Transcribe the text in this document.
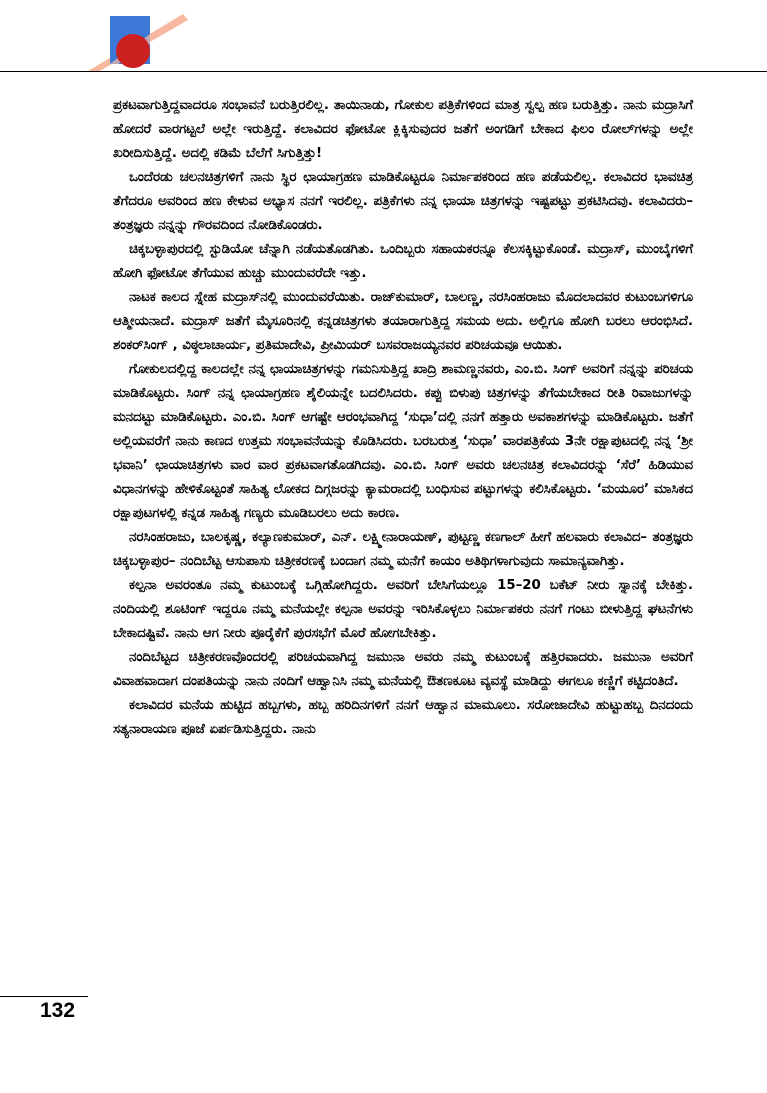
ಪ್ರಕಟವಾಗುತ್ತಿದ್ದವಾದರೂ ಸಂಭಾವನೆ ಬರುತ್ತಿರಲಿಲ್ಲ. ತಾಯಿನಾಡು, ಗೋಕುಲ ಪತ್ರಿಕೆಗಳಿಂದ ಮಾತ್ರ ಸ್ವಲ್ಪ ಹಣ ಬರುತ್ತಿತ್ತು. ನಾನು ಮದ್ರಾಸಿಗೆ ಹೋದರೆ ವಾರಗಟ್ಟಲೆ ಅಲ್ಲೇ ಇರುತ್ತಿದ್ದೆ. ಕಲಾವಿದರ ಫೋಟೋ ಕ್ಲಿಕ್ಕಿಸುವುದರ ಜತೆಗೆ ಅಂಗಡಿಗೆ ಬೇಕಾದ ಫಿಲಂ ರೋಲ್‌ಗಳನ್ನು ಅಲ್ಲೇ ಖರೀದಿಸುತ್ತಿದ್ದೆ. ಅದಲ್ಲಿ ಕಡಿಮೆ ಬೆಲೆಗೆ ಸಿಗುತ್ತಿತ್ತು!

ಒಂದೆರಡು ಚಲನಚಿತ್ರಗಳಿಗೆ ನಾನು ಸ್ಥಿರ ಛಾಯಾಗ್ರಹಣ ಮಾಡಿಕೊಟ್ಟರೂ ನಿರ್ಮಾಪಕರಿಂದ ಹಣ ಪಡೆಯಲಿಲ್ಲ. ಕಲಾವಿದರ ಭಾವಚಿತ್ರ ತೆಗೆದರೂ ಅವರಿಂದ ಹಣ ಕೇಳುವ ಅಭ್ಯಾಸ ನನಗೆ ಇರಲಿಲ್ಲ. ಪತ್ರಿಕೆಗಳು ನನ್ನ ಛಾಯಾ ಚಿತ್ರಗಳನ್ನು ಇಷ್ಟಪಟ್ಟು ಪ್ರಕಟಿಸಿದವು. ಕಲಾವಿದರು– ತಂತ್ರಜ್ಞರು ನನ್ನನ್ನು ಗೌರವದಿಂದ ನೋಡಿಕೊಂಡರು.

ಚಿಕ್ಕಬಳ್ಳಾಪುರದಲ್ಲಿ ಸ್ಟುಡಿಯೋ ಚೆನ್ನಾಗಿ ನಡೆಯತೊಡಗಿತು. ಒಂದಿಬ್ಬರು ಸಹಾಯಕರನ್ನೂ ಕೆಲಸಕ್ಕಿಟ್ಟುಕೊಂಡೆ. ಮದ್ರಾಸ್, ಮುಂಬೈಗಳಿಗೆ ಹೋಗಿ ಫೋಟೋ ತೆಗೆಯುವ ಹುಚ್ಚು ಮುಂದುವರೆದೇ ಇತ್ತು.

ನಾಟಕ ಕಾಲದ ಸ್ನೇಹ ಮದ್ರಾಸ್‌ನಲ್ಲಿ ಮುಂದುವರೆಯಿತು. ರಾಜ್‌ಕುಮಾರ್, ಬಾಲಣ್ಣ, ನರಸಿಂಹರಾಜು ಮೊದಲಾದವರ ಕುಟುಂಬಗಳಿಗೂ ಆತ್ಮೀಯನಾದೆ. ಮದ್ರಾಸ್ ಜತೆಗೆ ಮೈಸೂರಿನಲ್ಲಿ ಕನ್ನಡಚಿತ್ರಗಳು ತಯಾರಾಗುತ್ತಿದ್ದ ಸಮಯ ಅದು. ಅಲ್ಲಿಗೂ ಹೋಗಿ ಬರಲು ಆರಂಭಿಸಿದೆ. ಶಂಕರ್‌ಸಿಂಗ್ , ವಿಠ್ಠಲಾಚಾರ್ಯ, ಪ್ರತಿಮಾದೇವಿ, ಪ್ರೀಮಿಯರ್ ಬಸವರಾಜಯ್ಯನವರ ಪರಿಚಯವೂ ಆಯಿತು.

ಗೋಕುಲದಲ್ಲಿದ್ದ ಕಾಲದಲ್ಲೇ ನನ್ನ ಛಾಯಾಚಿತ್ರಗಳನ್ನು ಗಮನಿಸುತ್ತಿದ್ದ ಖಾದ್ರಿ ಶಾಮಣ್ಣನವರು, ಎಂ.ಬಿ. ಸಿಂಗ್ ಅವರಿಗೆ ನನ್ನನ್ನು ಪರಿಚಯ ಮಾಡಿಕೊಟ್ಟರು. ಸಿಂಗ್ ನನ್ನ ಛಾಯಾಗ್ರಹಣ ಶೈಲಿಯನ್ನೇ ಬದಲಿಸಿದರು. ಕಪ್ಪು ಬಿಳುಪು ಚಿತ್ರಗಳನ್ನು ತೆಗೆಯಬೇಕಾದ ರೀತಿ ರಿವಾಜುಗಳನ್ನು ಮನದಟ್ಟು ಮಾಡಿಕೊಟ್ಟರು. ಎಂ.ಬಿ. ಸಿಂಗ್ ಆಗಷ್ಟೇ ಆರಂಭವಾಗಿದ್ದ ‘ಸುಧಾ’ದಲ್ಲಿ ನನಗೆ ಹತ್ತಾರು ಅವಕಾಶಗಳನ್ನು ಮಾಡಿಕೊಟ್ಟರು. ಜತೆಗೆ ಅಲ್ಲಿಯವರೆಗೆ ನಾನು ಕಾಣದ ಉತ್ತಮ ಸಂಭಾವನೆಯನ್ನು ಕೊಡಿಸಿದರು. ಬರಬರುತ್ತ ‘ಸುಧಾ’ ವಾರಪತ್ರಿಕೆಯ 3ನೇ ರಕ್ಷಾಪುಟದಲ್ಲಿ ನನ್ನ ‘ಶ್ರೀ ಭವಾನಿ’ ಛಾಯಾಚಿತ್ರಗಳು ವಾರ ವಾರ ಪ್ರಕಟವಾಗತೊಡಗಿದವು. ಎಂ.ಬಿ. ಸಿಂಗ್ ಅವರು ಚಲನಚಿತ್ರ ಕಲಾವಿದರನ್ನು ‘ಸೆರೆ’ ಹಿಡಿಯುವ ವಿಧಾನಗಳನ್ನು ಹೇಳಿಕೊಟ್ಟಂತೆ ಸಾಹಿತ್ಯ ಲೋಕದ ದಿಗ್ಗಜರನ್ನು ಕ್ಯಾಮರಾದಲ್ಲಿ ಬಂಧಿಸುವ ಪಟ್ಟುಗಳನ್ನು ಕಲಿಸಿಕೊಟ್ಟರು. ‘ಮಯೂರ’ ಮಾಸಿಕದ ರಕ್ಷಾಪುಟಗಳಲ್ಲಿ ಕನ್ನಡ ಸಾಹಿತ್ಯ ಗಣ್ಯರು ಮೂಡಿಬರಲು ಅದು ಕಾರಣ.

ನರಸಿಂಹರಾಜು, ಬಾಲಕೃಷ್ಣ, ಕಲ್ಯಾಣಕುಮಾರ್, ಎನ್. ಲಕ್ಷ್ಮೀನಾರಾಯಣ್, ಪುಟ್ಟಣ್ಣ ಕಣಗಾಲ್ ಹೀಗೆ ಹಲವಾರು ಕಲಾವಿದ– ತಂತ್ರಜ್ಞರು ಚಿಕ್ಕಬಳ್ಳಾಪುರ– ನಂದಿಬೆಟ್ಟ ಆಸುಪಾಸು ಚಿತ್ರೀಕರಣಕ್ಕೆ ಬಂದಾಗ ನಮ್ಮ ಮನೆಗೆ ಕಾಯಂ ಅತಿಥಿಗಳಾಗುವುದು ಸಾಮಾನ್ಯವಾಗಿತ್ತು.

ಕಲ್ಪನಾ ಅವರಂತೂ ನಮ್ಮ ಕುಟುಂಬಕ್ಕೆ ಒಗ್ಗಿಹೋಗಿದ್ದರು. ಅವರಿಗೆ ಬೇಸಿಗೆಯಲ್ಲೂ 15–20 ಬಕೆಟ್ ನೀರು ಸ್ನಾನಕ್ಕೆ ಬೇಕಿತ್ತು. ನಂದಿಯಲ್ಲಿ ಶೂಟಿಂಗ್ ಇದ್ದರೂ ನಮ್ಮ ಮನೆಯಲ್ಲೇ ಕಲ್ಪನಾ ಅವರನ್ನು ಇರಿಸಿಕೊಳ್ಳಲು ನಿರ್ಮಾಪಕರು ನನಗೆ ಗಂಟು ಬೀಳುತ್ತಿದ್ದ ಘಟನೆಗಳು ಬೇಕಾದಷ್ಟಿವೆ. ನಾನು ಆಗ ನೀರು ಪೂರೈಕೆಗೆ ಪುರಸಭೆಗೆ ಮೊರೆ ಹೋಗಬೇಕಿತ್ತು.

ನಂದಿಬೆಟ್ಟದ ಚಿತ್ರೀಕರಣವೊಂದರಲ್ಲಿ ಪರಿಚಯವಾಗಿದ್ದ ಜಮುನಾ ಅವರು ನಮ್ಮ ಕುಟುಂಬಕ್ಕೆ ಹತ್ತಿರವಾದರು. ಜಮುನಾ ಅವರಿಗೆ ವಿವಾಹವಾದಾಗ ದಂಪತಿಯನ್ನು ನಾನು ನಂದಿಗೆ ಆಹ್ವಾನಿಸಿ ನಮ್ಮ ಮನೆಯಲ್ಲಿ ಔತಣಕೂಟ ವ್ಯವಸ್ಥೆ ಮಾಡಿದ್ದು ಈಗಲೂ ಕಣ್ಣಿಗೆ ಕಟ್ಟಿದಂತಿದೆ.

ಕಲಾವಿದರ ಮನೆಯ ಹುಟ್ಟಿದ ಹಬ್ಬಗಳು, ಹಬ್ಬ ಹರಿದಿನಗಳಿಗೆ ನನಗೆ ಆಹ್ವಾನ ಮಾಮೂಲು. ಸರೋಜಾದೇವಿ ಹುಟ್ಟುಹಬ್ಬ ದಿನದಂದು ಸತ್ಯನಾರಾಯಣ ಪೂಜೆ ಏರ್ಪಡಿಸುತ್ತಿದ್ದರು. ನಾನು

132
